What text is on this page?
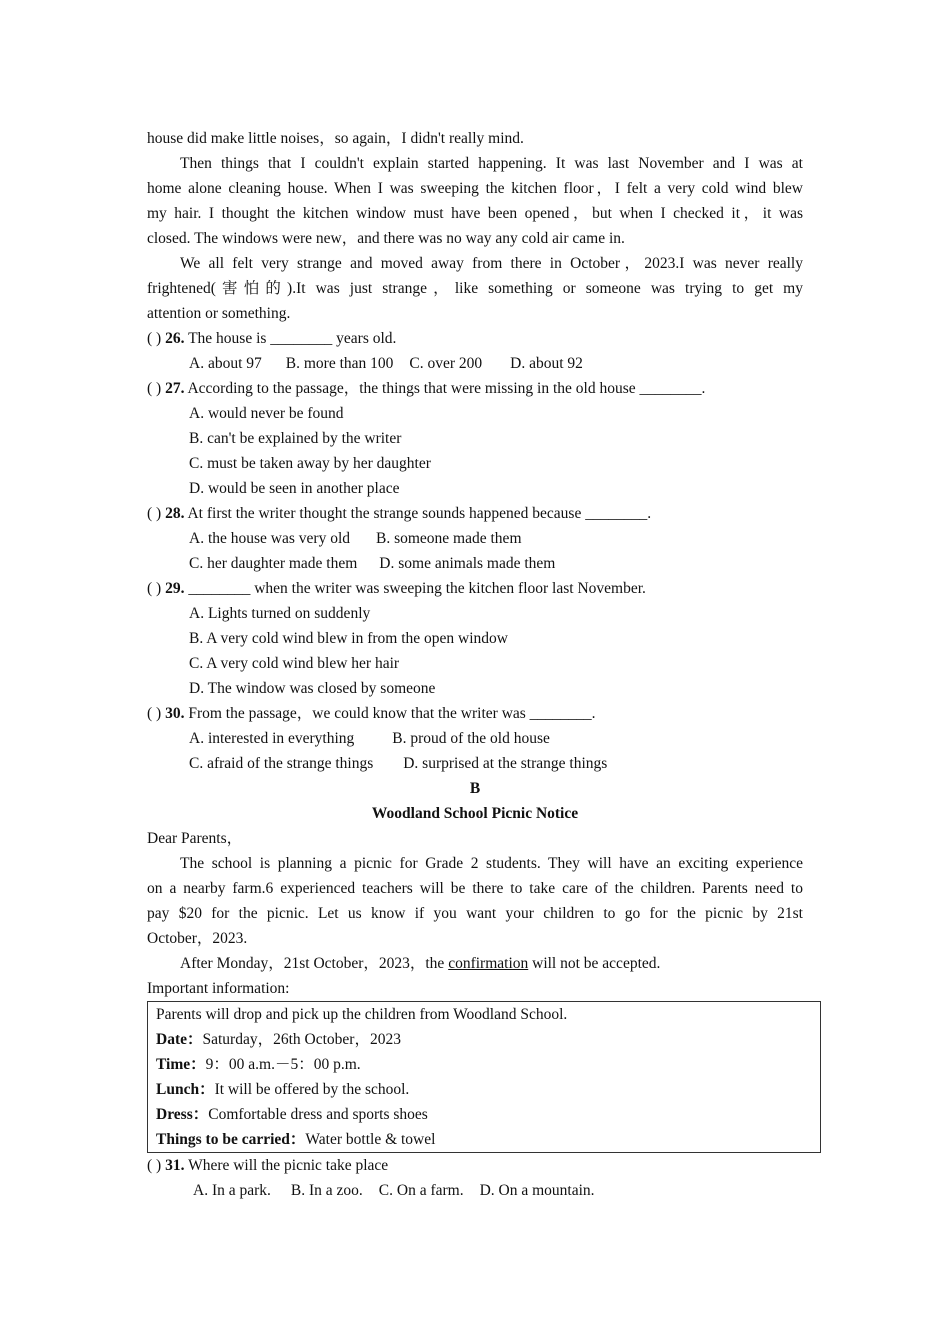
house did make little noises，so again，I didn't really mind.
Then things that I couldn't explain started happening. It was last November and I was at
home alone cleaning house. When I was sweeping the kitchen floor，I felt a very cold wind blew
my hair. I thought the kitchen window must have been opened，but when I checked it，it was
closed. The windows were new，and there was no way any cold air came in.
We all felt very strange and moved away from there in October，2023.I was never really
frightened(害怕的).It was just strange，like something or someone was trying to get my
attention or something.
( ) 26. The house is ________ years old.
A. about 97 B. more than 100 C. over 200 D. about 92
( ) 27. According to the passage，the things that were missing in the old house ________.
A. would never be found
B. can't be explained by the writer
C. must be taken away by her daughter
D. would be seen in another place
( ) 28. At first the writer thought the strange sounds happened because ________.
A. the house was very old B. someone made them
C. her daughter made them D. some animals made them
( ) 29. ________ when the writer was sweeping the kitchen floor last November.
A. Lights turned on suddenly
B. A very cold wind blew in from the open window
C. A very cold wind blew her hair
D. The window was closed by someone
( ) 30. From the passage，we could know that the writer was ________.
A. interested in everything B. proud of the old house
C. afraid of the strange things D. surprised at the strange things
B
Woodland School Picnic Notice
Dear Parents，
The school is planning a picnic for Grade 2 students. They will have an exciting experience
on a nearby farm.6 experienced teachers will be there to take care of the children. Parents need to
pay $20 for the picnic. Let us know if you want your children to go for the picnic by 21st
October，2023.
After Monday，21st October，2023，the confirmation will not be accepted.
Important information:
Parents will drop and pick up the children from Woodland School.
Date：Saturday，26th October，2023
Time：9：00 a.m.－5：00 p.m.
Lunch：It will be offered by the school.
Dress：Comfortable dress and sports shoes
Things to be carried：Water bottle & towel
( ) 31. Where will the picnic take place
A. In a park. B. In a zoo. C. On a farm. D. On a mountain.
